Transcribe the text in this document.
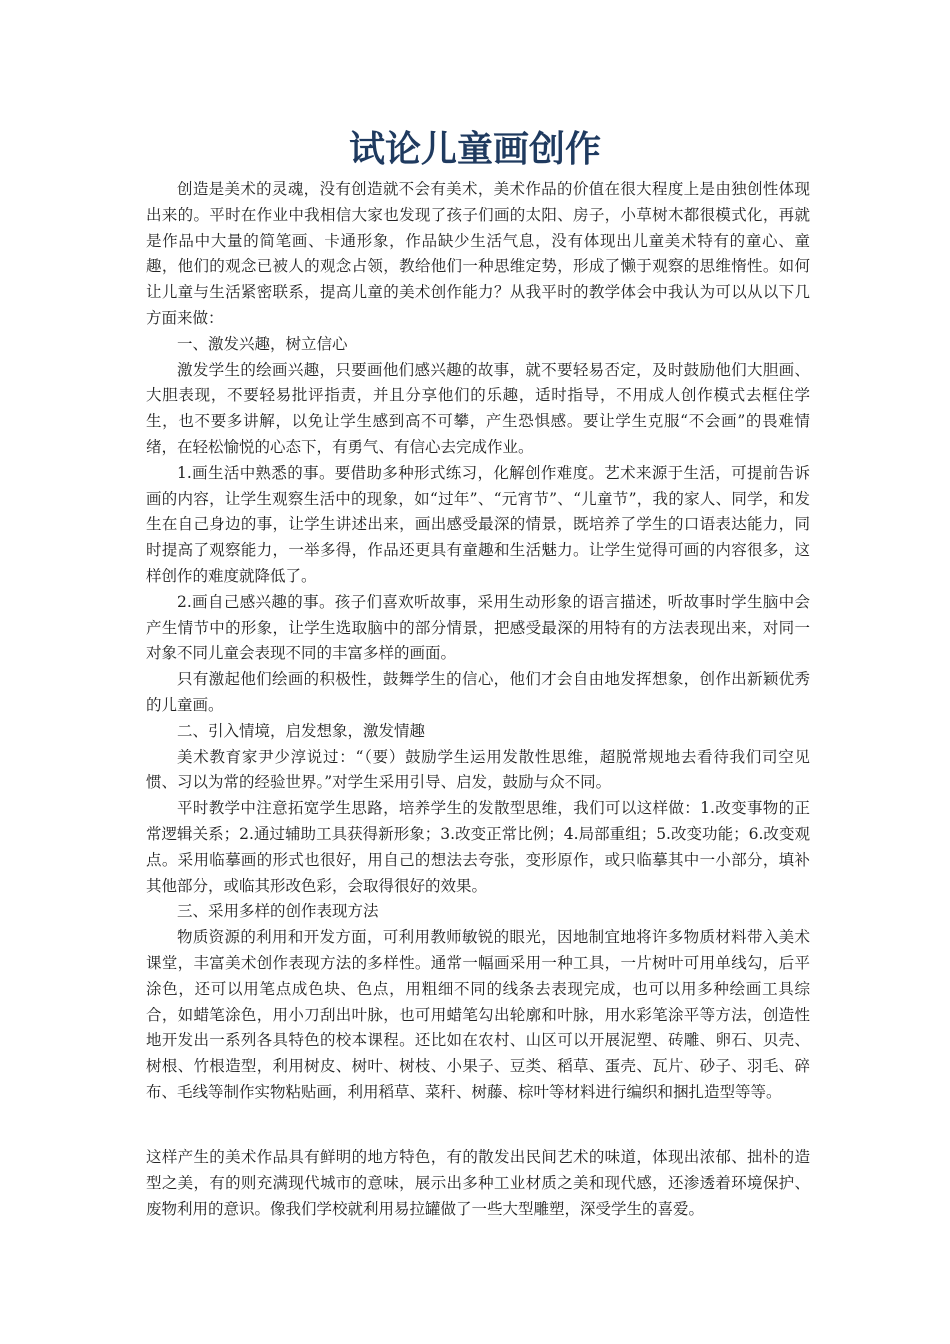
试论儿童画创作

创造是美术的灵魂，没有创造就不会有美术，美术作品的价值在很大程度上是由独创性体现出来的。平时在作业中我相信大家也发现了孩子们画的太阳、房子，小草树木都很模式化，再就是作品中大量的简笔画、卡通形象，作品缺少生活气息，没有体现出儿童美术特有的童心、童趣，他们的观念已被人的观念占领，教给他们一种思维定势，形成了懒于观察的思维惰性。如何让儿童与生活紧密联系，提高儿童的美术创作能力？从我平时的教学体会中我认为可以从以下几方面来做：

一、激发兴趣，树立信心

激发学生的绘画兴趣，只要画他们感兴趣的故事，就不要轻易否定，及时鼓励他们大胆画、大胆表现，不要轻易批评指责，并且分享他们的乐趣，适时指导，不用成人创作模式去框住学生，也不要多讲解，以免让学生感到高不可攀，产生恐惧感。要让学生克服“不会画”的畏难情绪，在轻松愉悦的心态下，有勇气、有信心去完成作业。

1.画生活中熟悉的事。要借助多种形式练习，化解创作难度。艺术来源于生活，可提前告诉画的内容，让学生观察生活中的现象，如“过年”、“元宵节”、“儿童节”，我的家人、同学，和发生在自己身边的事，让学生讲述出来，画出感受最深的情景，既培养了学生的口语表达能力，同时提高了观察能力，一举多得，作品还更具有童趣和生活魅力。让学生觉得可画的内容很多，这样创作的难度就降低了。

2.画自己感兴趣的事。孩子们喜欢听故事，采用生动形象的语言描述，听故事时学生脑中会产生情节中的形象，让学生选取脑中的部分情景，把感受最深的用特有的方法表现出来，对同一对象不同儿童会表现不同的丰富多样的画面。

只有激起他们绘画的积极性，鼓舞学生的信心，他们才会自由地发挥想象，创作出新颖优秀的儿童画。

二、引入情境，启发想象，激发情趣

美术教育家尹少淳说过：“（要）鼓励学生运用发散性思维，超脱常规地去看待我们司空见惯、习以为常的经验世界。”对学生采用引导、启发，鼓励与众不同。

平时教学中注意拓宽学生思路，培养学生的发散型思维，我们可以这样做：1.改变事物的正常逻辑关系；2.通过辅助工具获得新形象；3.改变正常比例；4.局部重组；5.改变功能；6.改变观点。采用临摹画的形式也很好，用自己的想法去夸张，变形原作，或只临摹其中一小部分，填补其他部分，或临其形改色彩，会取得很好的效果。

三、采用多样的创作表现方法

物质资源的利用和开发方面，可利用教师敏锐的眼光，因地制宜地将许多物质材料带入美术课堂，丰富美术创作表现方法的多样性。通常一幅画采用一种工具，一片树叶可用单线勾，后平涂色，还可以用笔点成色块、色点，用粗细不同的线条去表现完成，也可以用多种绘画工具综合，如蜡笔涂色，用小刀刮出叶脉，也可用蜡笔勾出轮廓和叶脉，用水彩笔涂平等方法，创造性地开发出一系列各具特色的校本课程。还比如在农村、山区可以开展泥塑、砖雕、卵石、贝壳、树根、竹根造型，利用树皮、树叶、树枝、小果子、豆类、稻草、蛋壳、瓦片、砂子、羽毛、碎布、毛线等制作实物粘贴画，利用稻草、菜秆、树藤、棕叶等材料进行编织和捆扎造型等等。

这样产生的美术作品具有鲜明的地方特色，有的散发出民间艺术的味道，体现出浓郁、拙朴的造型之美，有的则充满现代城市的意味，展示出多种工业材质之美和现代感，还渗透着环境保护、废物利用的意识。像我们学校就利用易拉罐做了一些大型雕塑，深受学生的喜爱。
